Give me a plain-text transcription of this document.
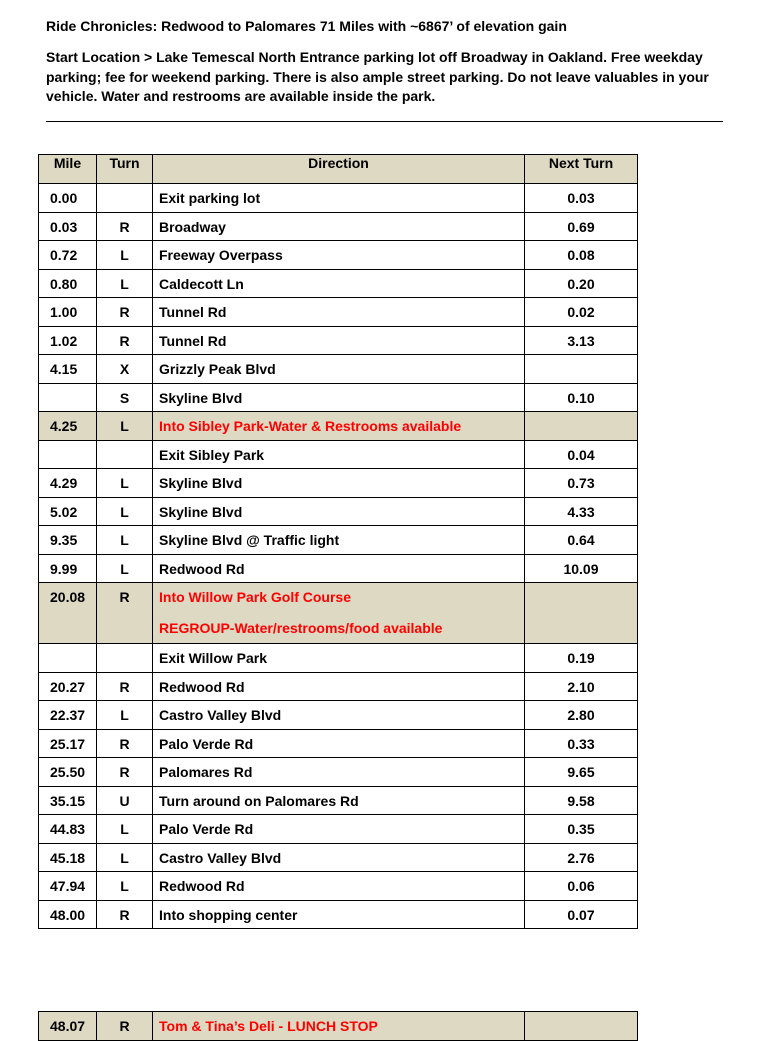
Ride Chronicles: Redwood to Palomares 71 Miles with ~6867’ of elevation gain
Start Location > Lake Temescal North Entrance parking lot off Broadway in Oakland. Free weekday parking; fee for weekend parking. There is also ample street parking. Do not leave valuables in your vehicle. Water and restrooms are available inside the park.
Mile	Turn	Direction	Next Turn
0.00		Exit parking lot	0.03
0.03	R	Broadway	0.69
0.72	L	Freeway Overpass	0.08
0.80	L	Caldecott Ln	0.20
1.00	R	Tunnel Rd	0.02
1.02	R	Tunnel Rd	3.13
4.15	X	Grizzly Peak Blvd	
	S	Skyline Blvd	0.10
4.25	L	Into Sibley Park-Water & Restrooms available	
		Exit Sibley Park	0.04
4.29	L	Skyline Blvd	0.73
5.02	L	Skyline Blvd	4.33
9.35	L	Skyline Blvd @ Traffic light	0.64
9.99	L	Redwood Rd	10.09
20.08	R	Into Willow Park Golf Course
REGROUP-Water/restrooms/food available	

		Exit Willow Park	0.19
20.27	R	Redwood Rd	2.10
22.37	L	Castro Valley Blvd	2.80
25.17	R	Palo Verde Rd	0.33
25.50	R	Palomares Rd	9.65
35.15	U	Turn around on Palomares Rd	9.58
44.83	L	Palo Verde Rd	0.35
45.18	L	Castro Valley Blvd	2.76
47.94	L	Redwood Rd	0.06
48.00	R	Into shopping center	0.07
48.07	R	Tom & Tina’s Deli - LUNCH STOP	
